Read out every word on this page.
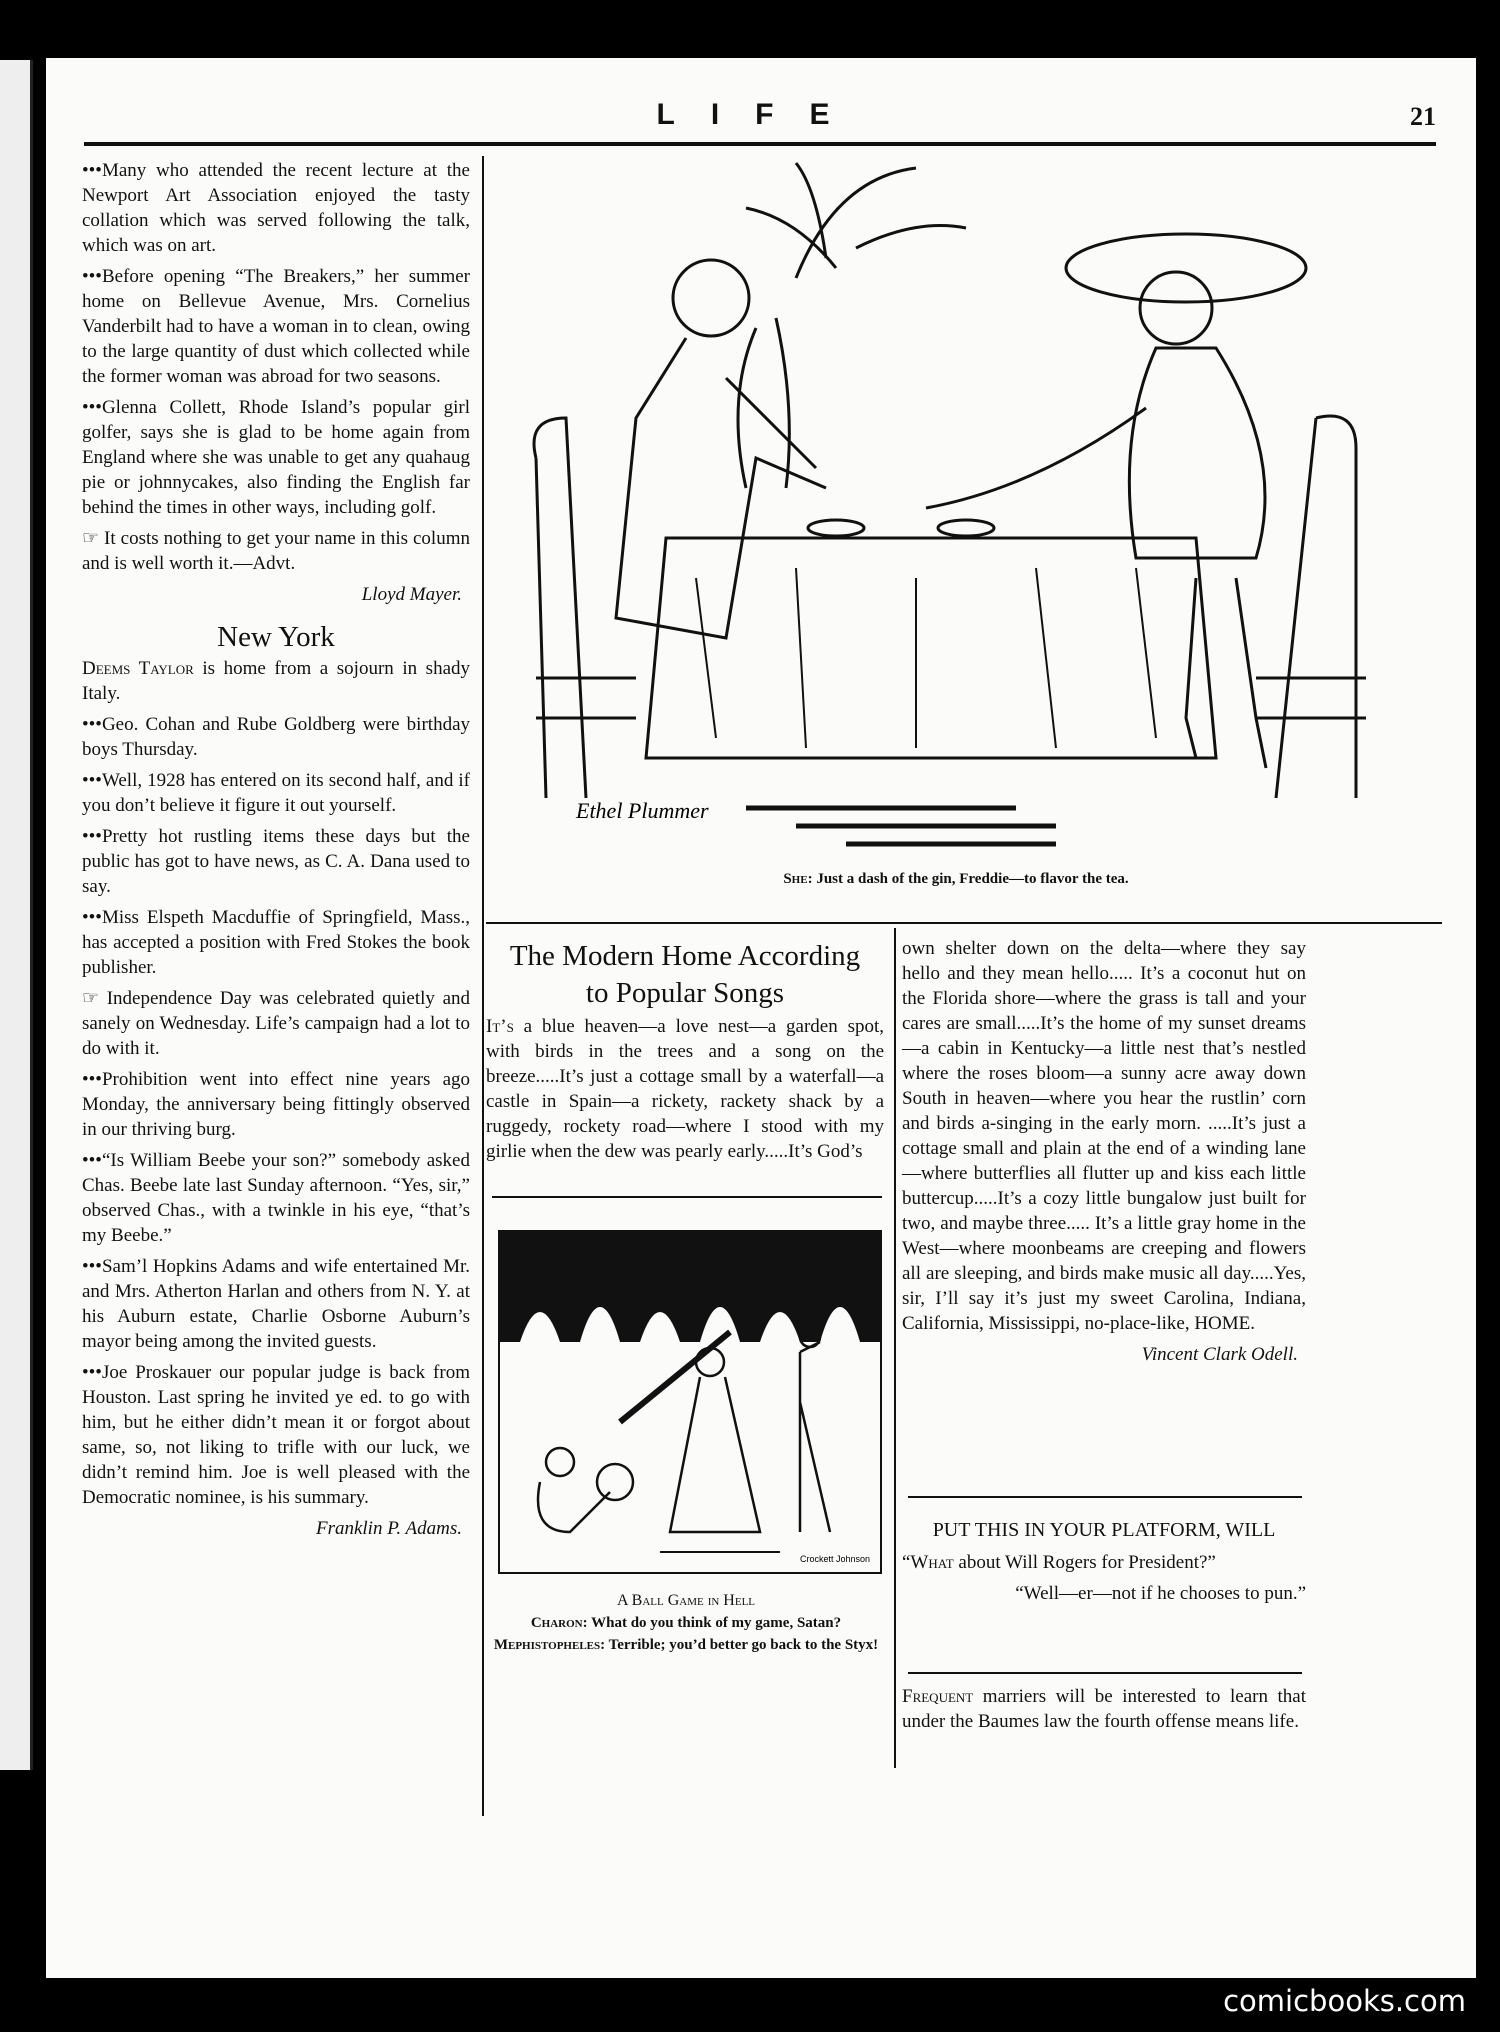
LIFE	21

•••Many who attended the recent lecture at the Newport Art Association enjoyed the tasty collation which was served following the talk, which was on art.

•••Before opening “The Breakers,” her summer home on Bellevue Avenue, Mrs. Cornelius Vanderbilt had to have a woman in to clean, owing to the large quantity of dust which collected while the former woman was abroad for two seasons.

•••Glenna Collett, Rhode Island’s popular girl golfer, says she is glad to be home again from England where she was unable to get any quahaug pie or johnnycakes, also finding the English far behind the times in other ways, including golf.

☞ It costs nothing to get your name in this column and is well worth it.—Advt.

Lloyd Mayer.
New York

Deems Taylor is home from a sojourn in shady Italy.

•••Geo. Cohan and Rube Goldberg were birthday boys Thursday.

•••Well, 1928 has entered on its second half, and if you don’t believe it figure it out yourself.

•••Pretty hot rustling items these days but the public has got to have news, as C. A. Dana used to say.

•••Miss Elspeth Macduffie of Springfield, Mass., has accepted a position with Fred Stokes the book publisher.

☞ Independence Day was celebrated quietly and sanely on Wednesday. Life’s campaign had a lot to do with it.

•••Prohibition went into effect nine years ago Monday, the anniversary being fittingly observed in our thriving burg.

•••“Is William Beebe your son?” somebody asked Chas. Beebe late last Sunday afternoon. “Yes, sir,” observed Chas., with a twinkle in his eye, “that’s my Beebe.”

•••Sam’l Hopkins Adams and wife entertained Mr. and Mrs. Atherton Harlan and others from N. Y. at his Auburn estate, Charlie Osborne Auburn’s mayor being among the invited guests.

•••Joe Proskauer our popular judge is back from Houston. Last spring he invited ye ed. to go with him, but he either didn’t mean it or forgot about same, so, not liking to trifle with our luck, we didn’t remind him. Joe is well pleased with the Democratic nominee, is his summary.

Franklin P. Adams.
Ethel Plummer
She: Just a dash of the gin, Freddie—to flavor the tea.
The Modern Home According
to Popular Songs

It’s a blue heaven—a love nest—a garden spot, with birds in the trees and a song on the breeze.....It’s just a cottage small by a waterfall—a castle in Spain—a rickety, rackety shack by a ruggedy, rockety road—where I stood with my girlie when the dew was pearly early.....It’s God’s

Crockett Johnson
A Ball Game in Hell
Charon: What do you think of my game, Satan?
Mephistopheles: Terrible; you’d better go back to the Styx!

own shelter down on the delta—where they say hello and they mean hello..... It’s a coconut hut on the Florida shore—where the grass is tall and your cares are small.....It’s the home of my sunset dreams—a cabin in Kentucky—a little nest that’s nestled where the roses bloom—a sunny acre away down South in heaven—where you hear the rustlin’ corn and birds a-singing in the early morn. .....It’s just a cottage small and plain at the end of a winding lane—where butterflies all flutter up and kiss each little buttercup.....It’s a cozy little bungalow just built for two, and maybe three..... It’s a little gray home in the West—where moonbeams are creeping and flowers all are sleeping, and birds make music all day.....Yes, sir, I’ll say it’s just my sweet Carolina, Indiana, California, Mississippi, no-place-like, HOME.

Vincent Clark Odell.
PUT THIS IN YOUR PLATFORM, WILL

“What about Will Rogers for President?”

“Well—er—not if he chooses to pun.”

Frequent marriers will be interested to learn that under the Baumes law the fourth offense means life.

comicbooks.com
